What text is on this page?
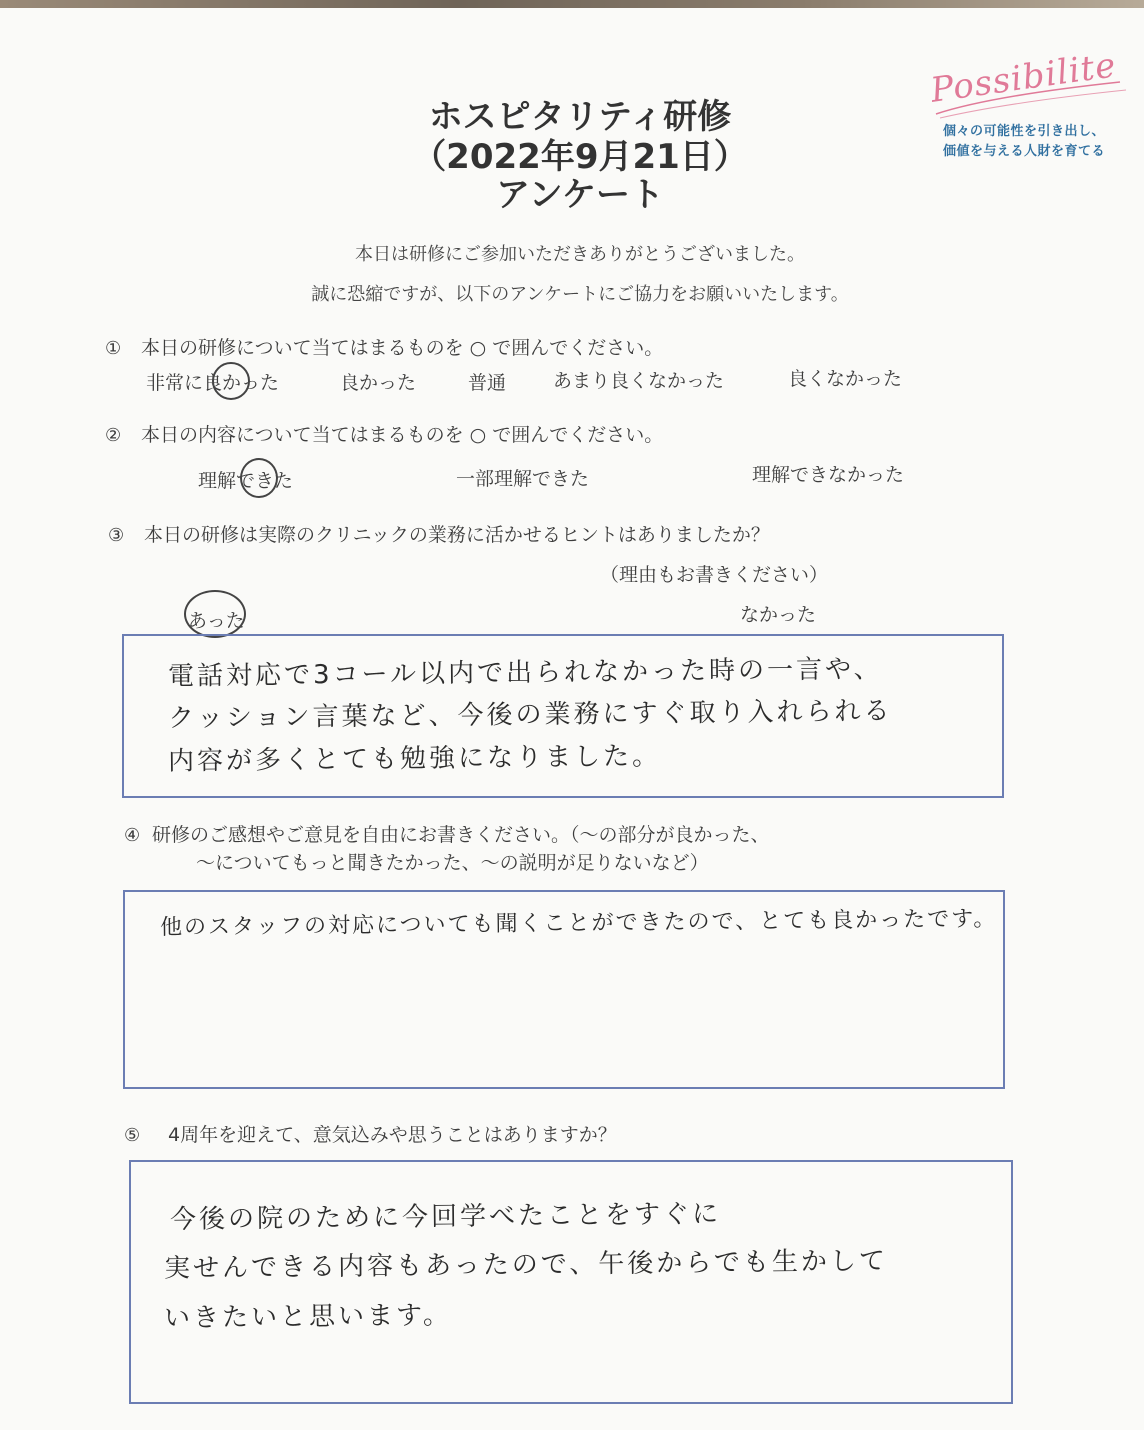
Possibilite
個々の可能性を引き出し、
価値を与える人財を育てる
ホスピタリティ研修
（2022年9月21日）
アンケート
本日は研修にご参加いただきありがとうございました。
誠に恐縮ですが、以下のアンケートにご協力をお願いいたします。
① 本日の研修について当てはまるものを ○ で囲んでください。
非常に良かった	良かった	普通 あまり良くなかった	良くなかった
② 本日の内容について当てはまるものを ○ で囲んでください。
理解できた	一部理解できた	理解できなかった
③ 本日の研修は実際のクリニックの業務に活かせるヒントはありましたか？
（理由もお書きください）
あった	なかった
電話対応で3コール以内で出られなかった時の一言や、
クッション言葉など、今後の業務にすぐ取り入れられる
内容が多くとても勉強になりました。
④ 研修のご感想やご意見を自由にお書きください。（～の部分が良かった、
～についてもっと聞きたかった、～の説明が足りないなど）
他のスタッフの対応についても聞くことができたので、とても良かったです。
⑤ 4周年を迎えて、意気込みや思うことはありますか？
今後の院のために今回学べたことをすぐに
実せんできる内容もあったので、午後からでも生かして
いきたいと思います。
